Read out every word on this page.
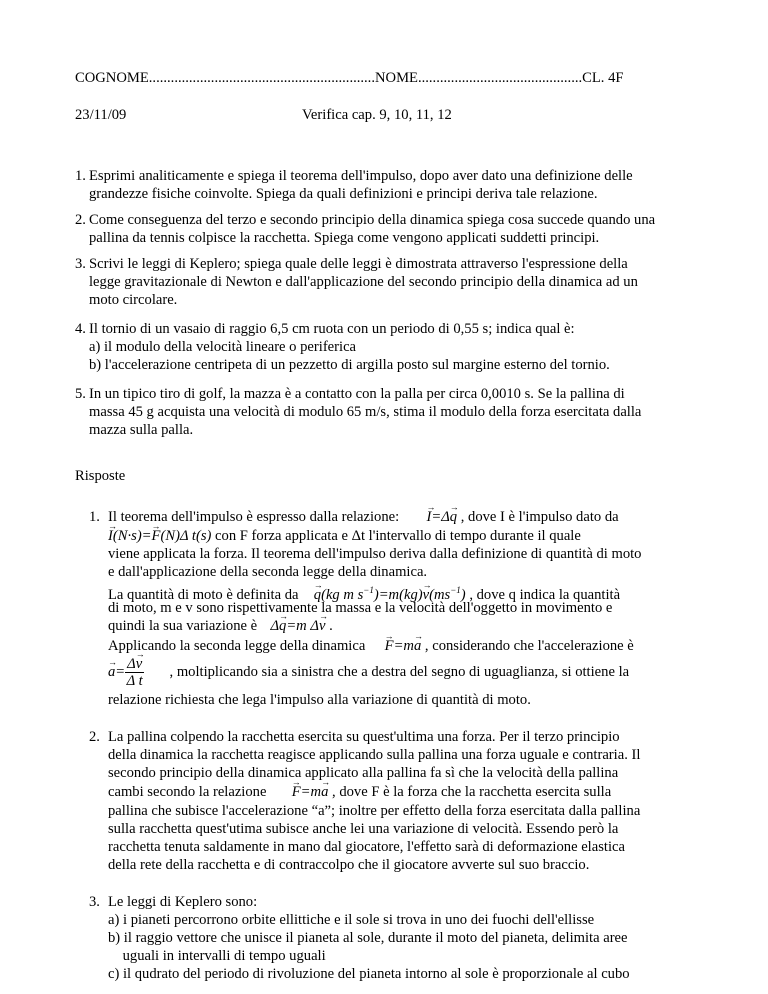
COGNOME..............................................................NOME.............................................CL. 4F
23/11/09	Verifica cap. 9, 10, 11, 12
1. Esprimi analiticamente e spiega il teorema dell'impulso, dopo aver dato una definizione delle
grandezze fisiche coinvolte. Spiega da quali definizioni e principi deriva tale relazione.
2. Come conseguenza del terzo e secondo principio della dinamica spiega cosa succede quando una
pallina da tennis colpisce la racchetta. Spiega come vengono applicati suddetti principi.
3. Scrivi le leggi di Keplero; spiega quale delle leggi è dimostrata attraverso l'espressione della
legge gravitazionale di Newton e dall'applicazione del secondo principio della dinamica ad un
moto circolare.
4. Il tornio di un vasaio di raggio 6,5 cm ruota con un periodo di 0,55 s; indica qual è:
a) il modulo della velocità lineare o periferica
b) l'accelerazione centripeta di un pezzetto di argilla posto sul margine esterno del tornio.
5. In un tipico tiro di golf, la mazza è a contatto con la palla per circa 0,0010 s. Se la pallina di
massa 45 g acquista una velocità di modulo 65 m/s, stima il modulo della forza esercitata dalla
mazza sulla palla.
Risposte
1. Il teorema dell'impulso è espresso dalla relazione: I →=Δq → , dove I è l'impulso dato da
I →(N·s)=F →(N)Δ t(s) con F forza applicata e Δt l'intervallo di tempo durante il quale
viene applicata la forza. Il teorema dell'impulso deriva dalla definizione di quantità di moto
e dall'applicazione della seconda legge della dinamica.
La quantità di moto è definita da q →(kg m $s^{-1})=m(kg)v \to(ms^{-1})$ , dove q indica la quantità
di moto, m e v sono rispettivamente la massa e la velocità dell'oggetto in movimento e
quindi la sua variazione è Δq →=m Δv → .
Applicando la seconda legge della dinamica F →=ma → , considerando che l'accelerazione è
$a \to= \frac{\Delta v \to}{\text{Δ t}}$ , moltiplicando sia a sinistra che a destra del segno di uguaglianza, si ottiene la
relazione richiesta che lega l'impulso alla variazione di quantità di moto.
2. La pallina colpendo la racchetta esercita su quest'ultima una forza. Per il terzo principio
della dinamica la racchetta reagisce applicando sulla pallina una forza uguale e contraria. Il
secondo principio della dinamica applicato alla pallina fa sì che la velocità della pallina
cambi secondo la relazione F →=ma → , dove F è la forza che la racchetta esercita sulla
pallina che subisce l'accelerazione “a”; inoltre per effetto della forza esercitata dalla pallina
sulla racchetta quest'utima subisce anche lei una variazione di velocità. Essendo però la
racchetta tenuta saldamente in mano dal giocatore, l'effetto sarà di deformazione elastica
della rete della racchetta e di contraccolpo che il giocatore avverte sul suo braccio.
3. Le leggi di Keplero sono:
a) i pianeti percorrono orbite ellittiche e il sole si trova in uno dei fuochi dell'ellisse
b) il raggio vettore che unisce il pianeta al sole, durante il moto del pianeta, delimita aree
uguali in intervalli di tempo uguali
c) il qudrato del periodo di rivoluzione del pianeta intorno al sole è proporzionale al cubo
